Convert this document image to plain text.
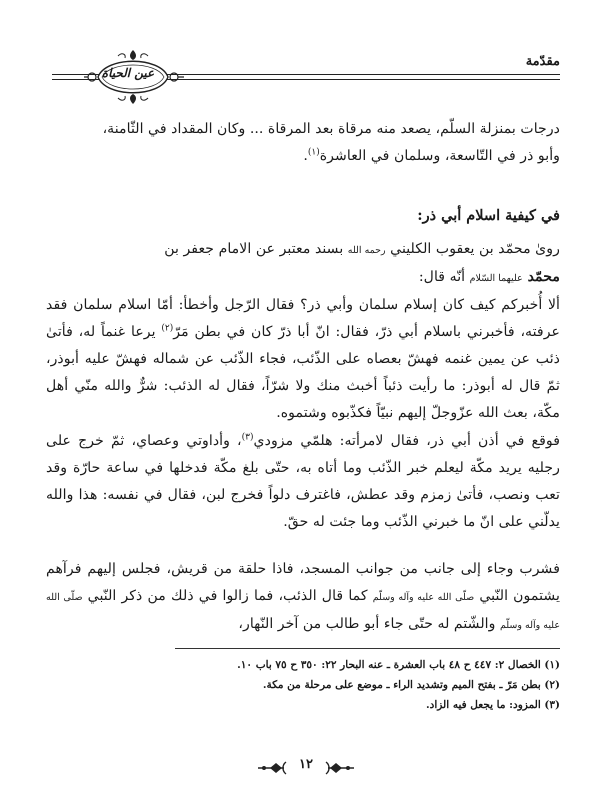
مقدّمة
عين الحياة

درجات بمنزلة السلّم، يصعد منه مرقاة بعد المرقاة ... وكان المقداد في الثّامنة،
وأبو ذر في التّاسعة، وسلمان في العاشرة$^{(١)}$.

في كيفية اسلام أبي ذر:

روىٰ محمّد بن يعقوب الكليني رحمه الله بسند معتبر عن الامام جعفر بن
محمّد عليهما السّلام أنّه قال:

ألا أُخبركم كيف كان إسلام سلمان وأبي ذر؟ فقال الرّجل وأخطأ: أمّا اسلام سلمان فقد عرفته، فأخبرني باسلام أبي ذرّ، فقال: انّ أبا ذرّ كان في بطن مَرّ$^{(٢)}$ يرعا غنماً له، فأتىٰ ذئب عن يمين غنمه فهشّ بعصاه على الذّئب، فجاء الذّئب عن شماله فهشّ عليه أبوذر، ثمّ قال له أبوذر: ما رأيت ذئباً أخبث منك ولا شرّاً، فقال له الذئب: شرٌّ والله منّي أهل مكّة، بعث الله عزّوجلّ إليهم نبيّاً فكذّبوه وشتموه.

فوقع في أذن أبي ذر، فقال لامرأته: هلمّي مزودي$^{(٣)}$، وأداوتي وعصاي، ثمّ خرج على رجليه يريد مكّة ليعلم خبر الذّئب وما أتاه به، حتّى بلغ مكّة فدخلها في ساعة حارّة وقد تعب ونصب، فأتىٰ زمزم وقد عطش، فاغترف دلواً فخرج لبن، فقال في نفسه: هذا والله يدلّني على انّ ما خبرني الذّئب وما جئت له حقّ.

فشرب وجاء إلى جانب من جوانب المسجد، فاذا حلقة من قريش، فجلس إليهم فرآهم يشتمون النّبي صلّى الله عليه وآله وسلّم كما قال الذئب، فما زالوا في ذلك من ذكر النّبي صلّى الله عليه وآله وسلّم والشّتم له حتّى جاء أبو طالب من آخر النّهار،

(١) الخصال ٢: ٤٤٧ ح ٤٨ باب العشرة ـ عنه البحار ٢٢: ٣٥٠ ح ٧٥ باب ١٠.
(٢) بطن مَرّ ـ بفتح الميم وتشديد الراء ـ موضع على مرحلة من مكة.
(٣) المزود: ما يجعل فيه الزاد.
١٢
